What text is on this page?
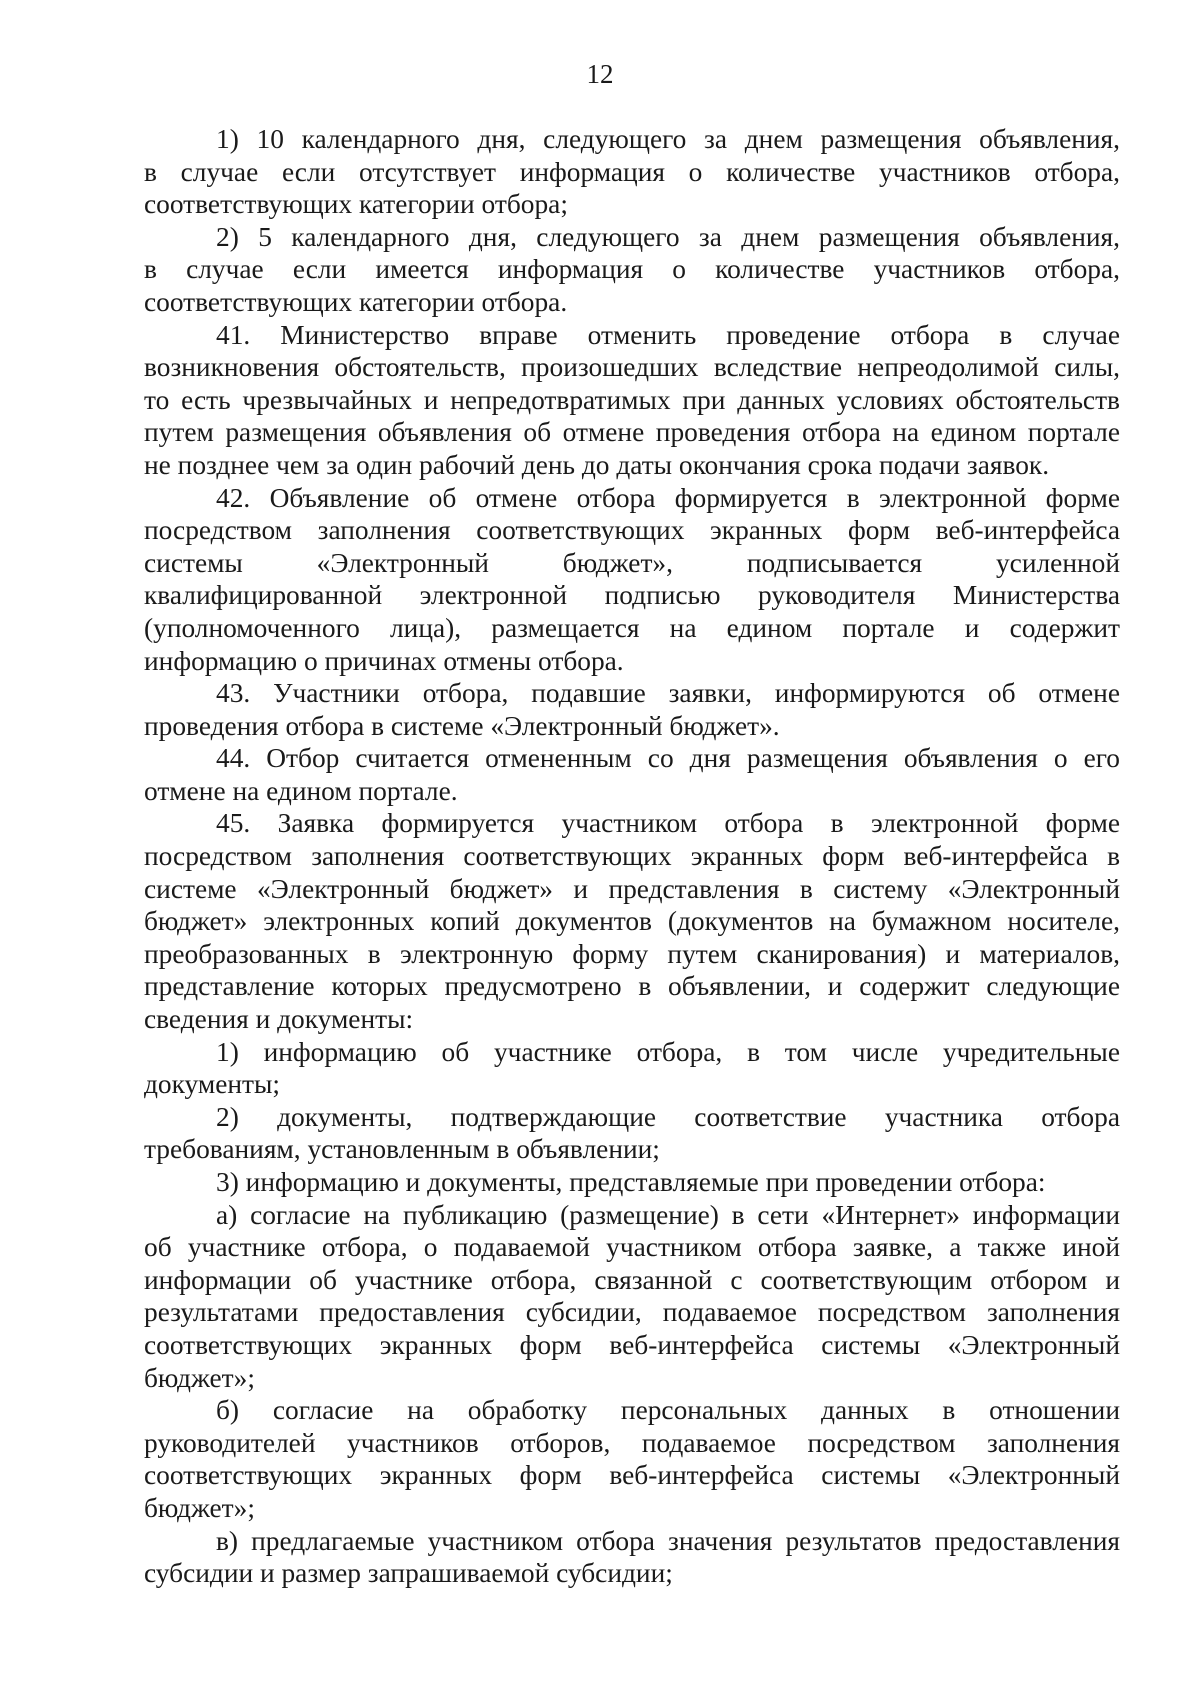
12

1) 10 календарного дня, следующего за днем размещения объявления,
в случае если отсутствует информация о количестве участников отбора,
соответствующих категории отбора;

2) 5 календарного дня, следующего за днем размещения объявления,
в случае если имеется информация о количестве участников отбора,
соответствующих категории отбора.

41. Министерство вправе отменить проведение отбора в случае
возникновения обстоятельств, произошедших вследствие непреодолимой силы,
то есть чрезвычайных и непредотвратимых при данных условиях обстоятельств
путем размещения объявления об отмене проведения отбора на едином портале
не позднее чем за один рабочий день до даты окончания срока подачи заявок.

42. Объявление об отмене отбора формируется в электронной форме
посредством заполнения соответствующих экранных форм веб-интерфейса
системы «Электронный бюджет», подписывается усиленной
квалифицированной электронной подписью руководителя Министерства
(уполномоченного лица), размещается на едином портале и содержит
информацию о причинах отмены отбора.

43. Участники отбора, подавшие заявки, информируются об отмене
проведения отбора в системе «Электронный бюджет».

44. Отбор считается отмененным со дня размещения объявления о его
отмене на едином портале.

45. Заявка формируется участником отбора в электронной форме
посредством заполнения соответствующих экранных форм веб-интерфейса в
системе «Электронный бюджет» и представления в систему «Электронный
бюджет» электронных копий документов (документов на бумажном носителе,
преобразованных в электронную форму путем сканирования) и материалов,
представление которых предусмотрено в объявлении, и содержит следующие
сведения и документы:

1) информацию об участнике отбора, в том числе учредительные
документы;

2) документы, подтверждающие соответствие участника отбора
требованиям, установленным в объявлении;

3) информацию и документы, представляемые при проведении отбора:

а) согласие на публикацию (размещение) в сети «Интернет» информации
об участнике отбора, о подаваемой участником отбора заявке, а также иной
информации об участнике отбора, связанной с соответствующим отбором и
результатами предоставления субсидии, подаваемое посредством заполнения
соответствующих экранных форм веб-интерфейса системы «Электронный
бюджет»;

б) согласие на обработку персональных данных в отношении
руководителей участников отборов, подаваемое посредством заполнения
соответствующих экранных форм веб-интерфейса системы «Электронный
бюджет»;

в) предлагаемые участником отбора значения результатов предоставления
субсидии и размер запрашиваемой субсидии;
